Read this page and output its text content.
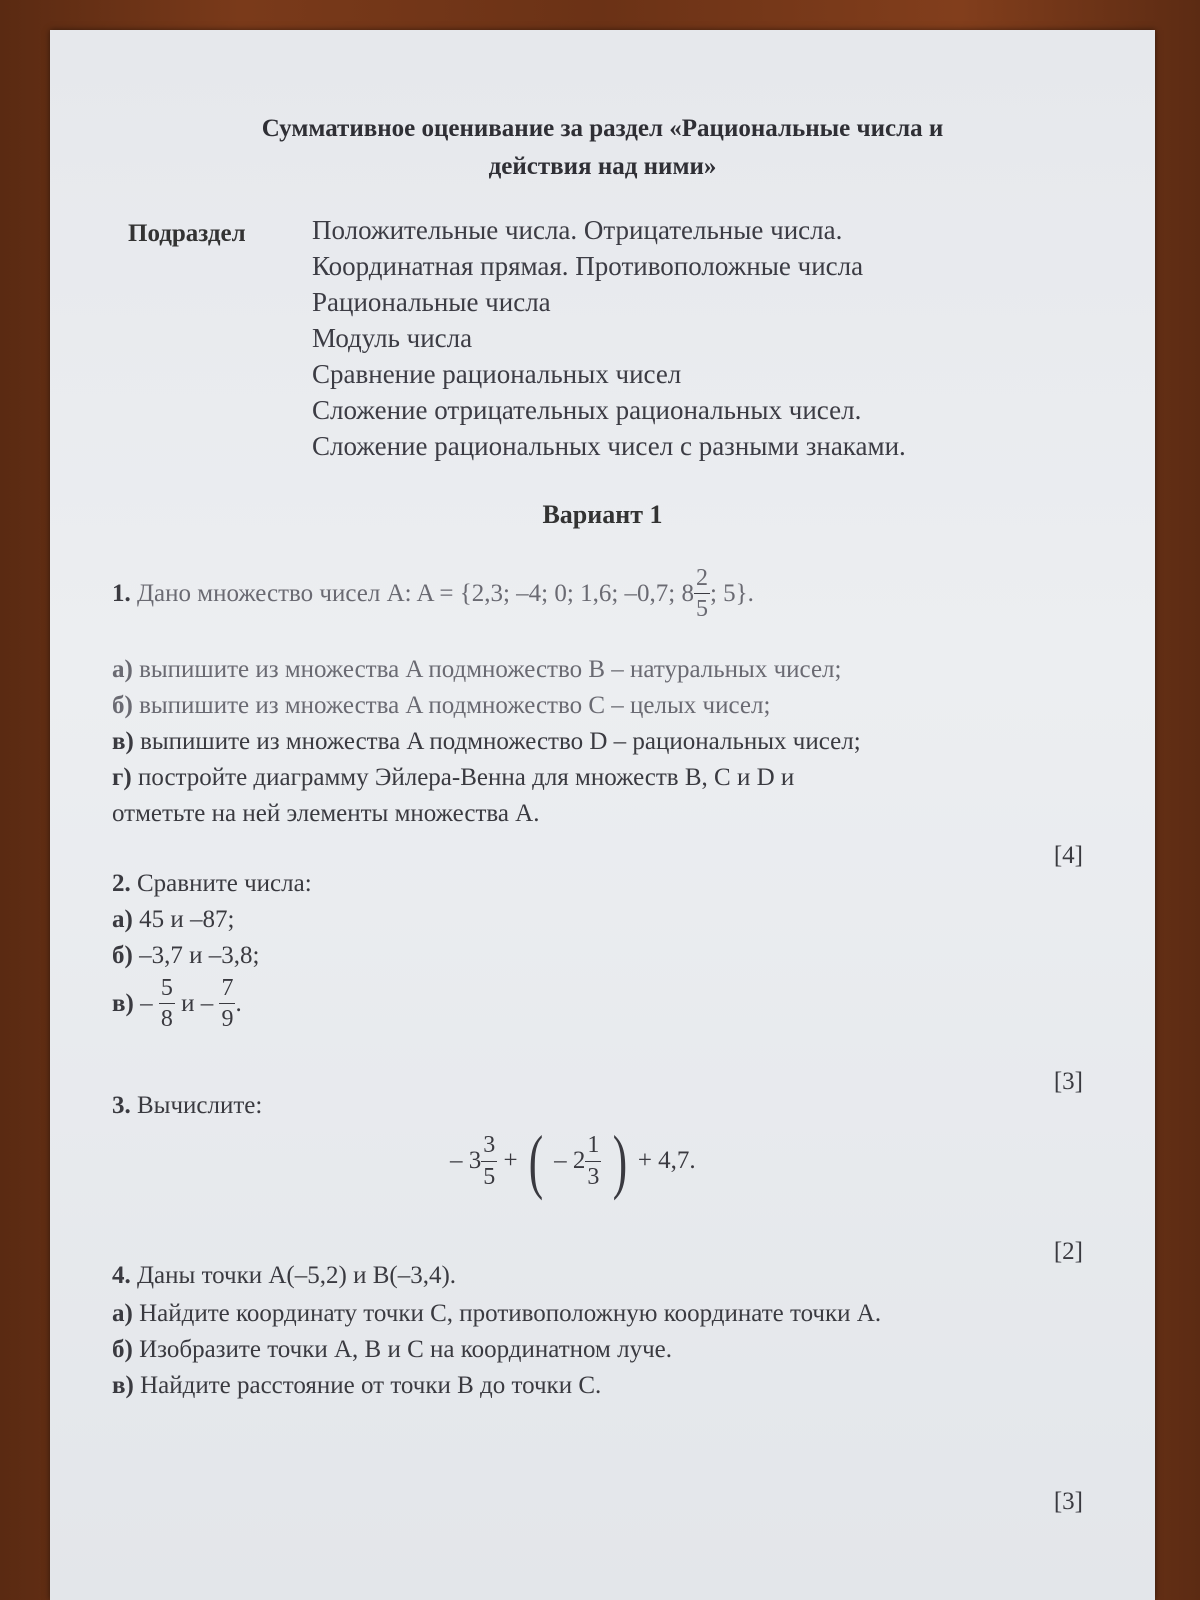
Суммативное оценивание за раздел «Рациональные числа и
действия над ними»
Подраздел Положительные числа. Отрицательные числа.
Координатная прямая. Противоположные числа
Рациональные числа
Модуль числа
Сравнение рациональных чисел
Сложение отрицательных рациональных чисел.
Сложение рациональных чисел с разными знаками.
Вариант 1
1. Дано множество чисел A: A = {2,3; –4; 0; 1,6; –0,7; $8 \frac{2}{5}$ ; 5}.
а) выпишите из множества A подмножество B – натуральных чисел;
б) выпишите из множества A подмножество C – целых чисел;
в) выпишите из множества A подмножество D – рациональных чисел;
г) постройте диаграмму Эйлера-Венна для множеств B, C и D и
отметьте на ней элементы множества A.
[4]
2. Сравните числа:
а) 45 и –87;
б) –3,7 и –3,8;
$в) - \frac{5}{8}$ и – $\frac{7}{9}$ .
[3]
3. Вычислите:
– $3 \frac{3}{5}$ + ( – $2 \frac{1}{3}$ ) + 4,7.
[2]
4. Даны точки A(–5,2) и B(–3,4).
а) Найдите координату точки C, противоположную координате точки A.
б) Изобразите точки A, B и C на координатном луче.
в) Найдите расстояние от точки B до точки C.
[3]
